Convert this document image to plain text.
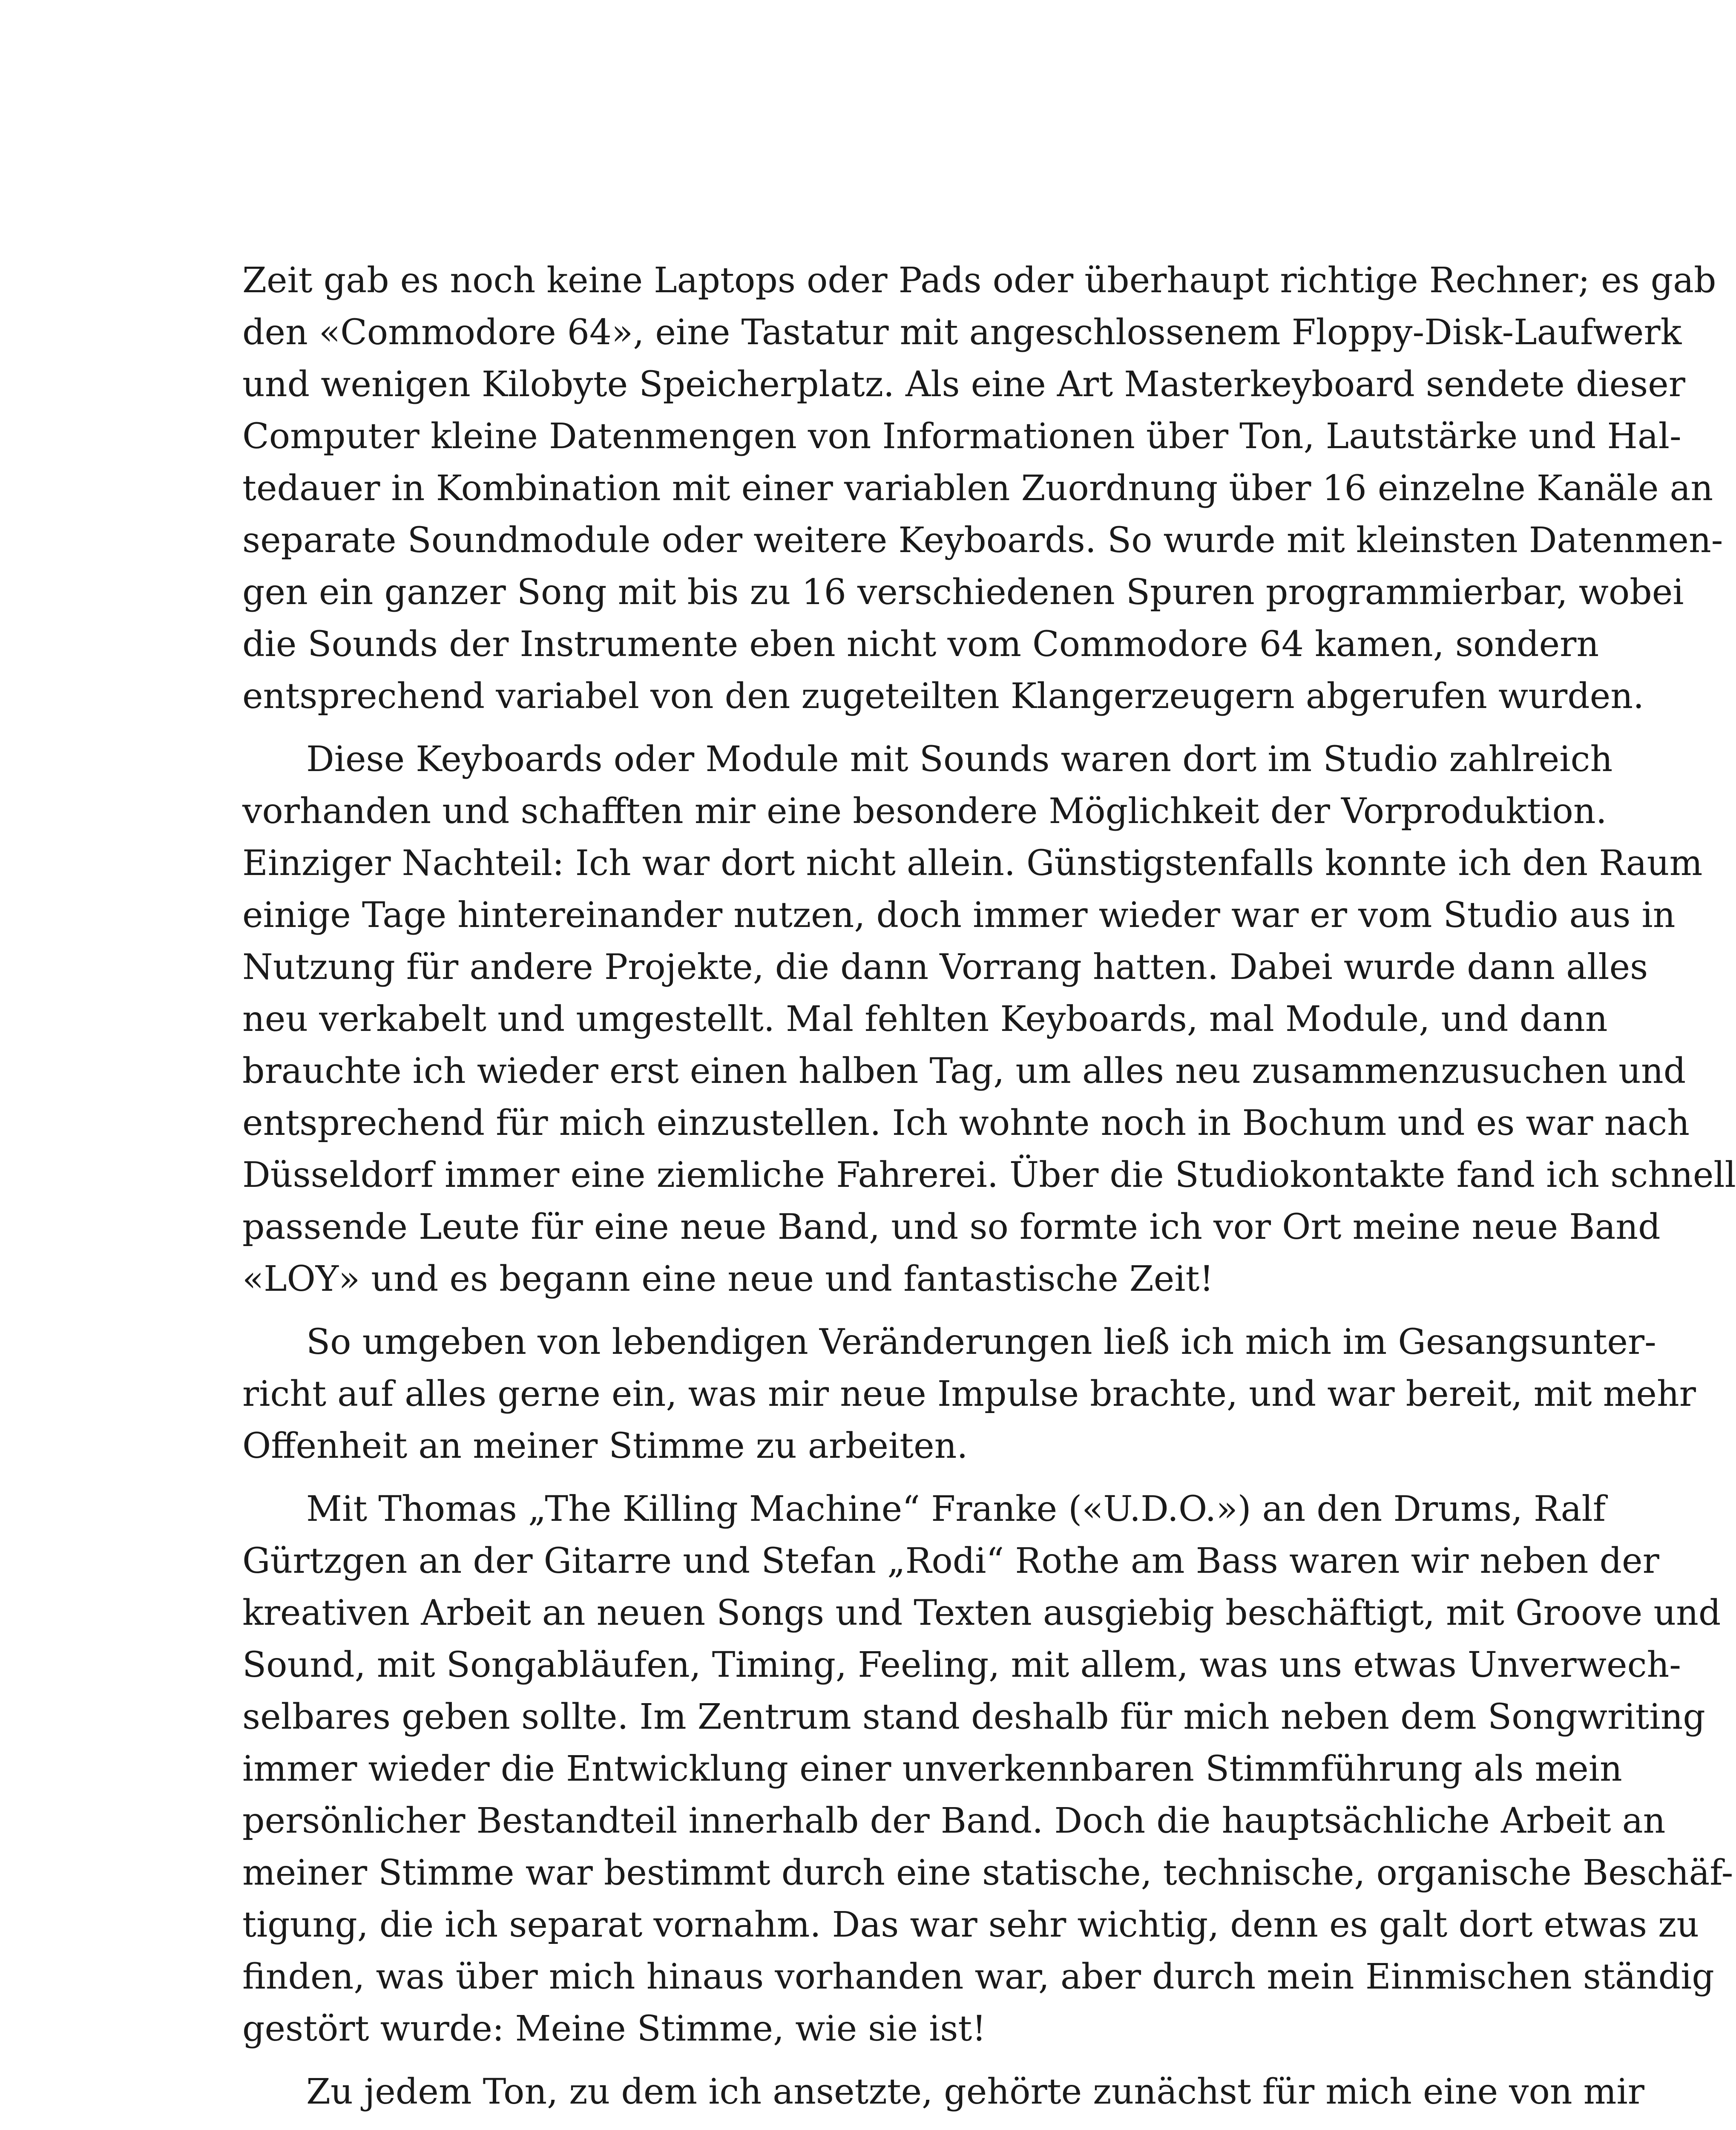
Zeit gab es noch keine Laptops oder Pads oder überhaupt richtige Rechner; es gab
den «Commodore 64», eine Tastatur mit angeschlossenem Floppy-Disk-Laufwerk
und wenigen Kilobyte Speicherplatz. Als eine Art Masterkeyboard sendete dieser
Computer kleine Datenmengen von Informationen über Ton, Lautstärke und Hal-
tedauer in Kombination mit einer variablen Zuordnung über 16 einzelne Kanäle an
separate Soundmodule oder weitere Keyboards. So wurde mit kleinsten Datenmen-
gen ein ganzer Song mit bis zu 16 verschiedenen Spuren programmierbar, wobei
die Sounds der Instrumente eben nicht vom Commodore 64 kamen, sondern
entsprechend variabel von den zugeteilten Klangerzeugern abgerufen wurden.
Diese Keyboards oder Module mit Sounds waren dort im Studio zahlreich
vorhanden und schafften mir eine besondere Möglichkeit der Vorproduktion.
Einziger Nachteil: Ich war dort nicht allein. Günstigstenfalls konnte ich den Raum
einige Tage hintereinander nutzen, doch immer wieder war er vom Studio aus in
Nutzung für andere Projekte, die dann Vorrang hatten. Dabei wurde dann alles
neu verkabelt und umgestellt. Mal fehlten Keyboards, mal Module, und dann
brauchte ich wieder erst einen halben Tag, um alles neu zusammenzusuchen und
entsprechend für mich einzustellen. Ich wohnte noch in Bochum und es war nach
Düsseldorf immer eine ziemliche Fahrerei. Über die Studiokontakte fand ich schnell
passende Leute für eine neue Band, und so formte ich vor Ort meine neue Band
«LOY» und es begann eine neue und fantastische Zeit!
So umgeben von lebendigen Veränderungen ließ ich mich im Gesangsunter-
richt auf alles gerne ein, was mir neue Impulse brachte, und war bereit, mit mehr
Offenheit an meiner Stimme zu arbeiten.
Mit Thomas „The Killing Machine“ Franke («U.D.O.») an den Drums, Ralf
Gürtzgen an der Gitarre und Stefan „Rodi“ Rothe am Bass waren wir neben der
kreativen Arbeit an neuen Songs und Texten ausgiebig beschäftigt, mit Groove und
Sound, mit Songabläufen, Timing, Feeling, mit allem, was uns etwas Unverwech-
selbares geben sollte. Im Zentrum stand deshalb für mich neben dem Songwriting
immer wieder die Entwicklung einer unverkennbaren Stimmführung als mein
persönlicher Bestandteil innerhalb der Band. Doch die hauptsächliche Arbeit an
meiner Stimme war bestimmt durch eine statische, technische, organische Beschäf-
tigung, die ich separat vornahm. Das war sehr wichtig, denn es galt dort etwas zu
finden, was über mich hinaus vorhanden war, aber durch mein Einmischen ständig
gestört wurde: Meine Stimme, wie sie ist!
Zu jedem Ton, zu dem ich ansetzte, gehörte zunächst für mich eine von mir
